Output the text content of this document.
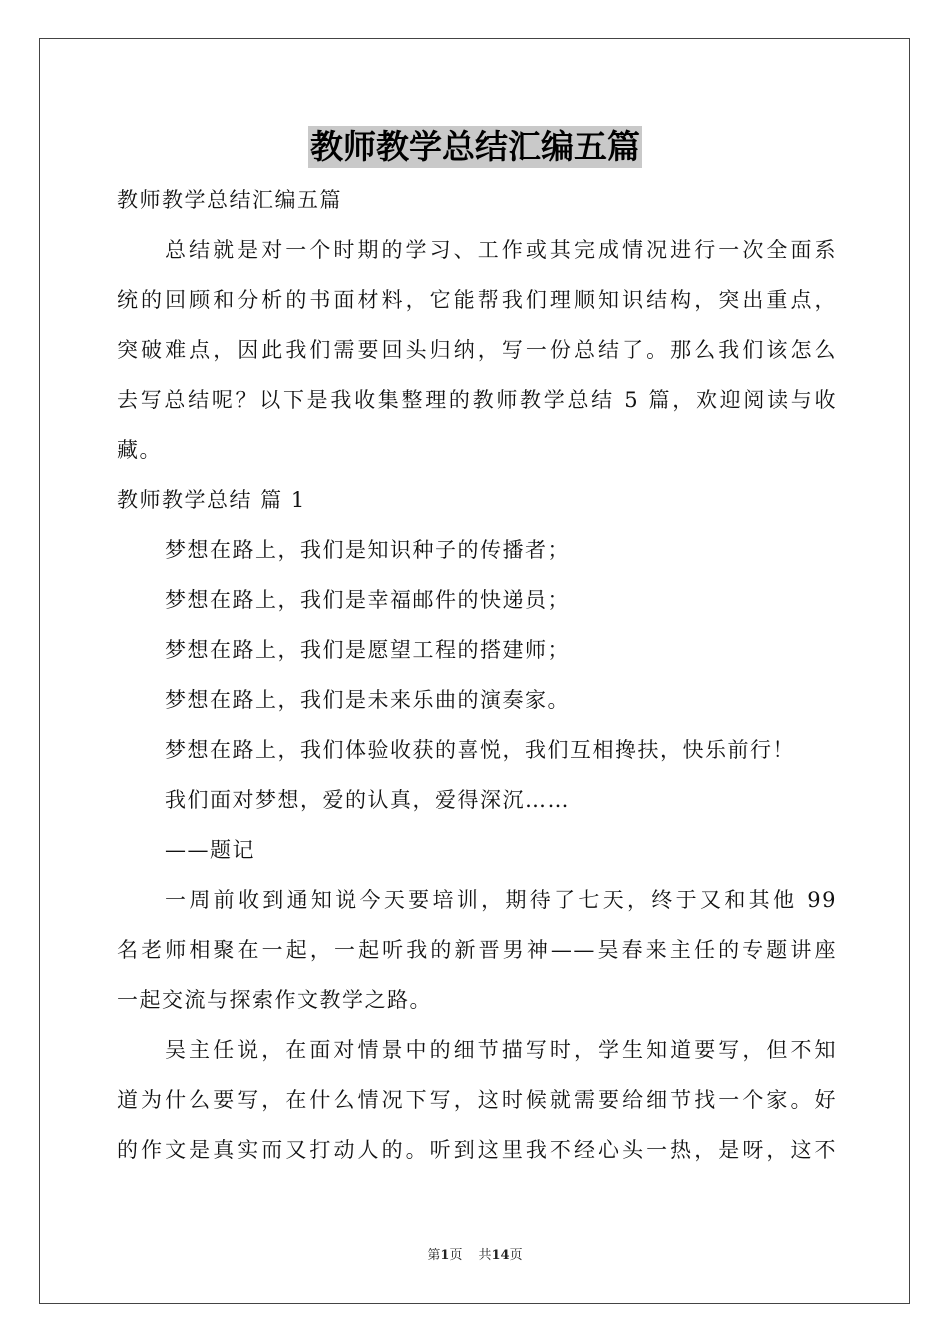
教师教学总结汇编五篇
教师教学总结汇编五篇
总结就是对一个时期的学习、工作或其完成情况进行一次全面系
统的回顾和分析的书面材料，它能帮我们理顺知识结构，突出重点，
突破难点，因此我们需要回头归纳，写一份总结了。那么我们该怎么
去写总结呢？以下是我收集整理的教师教学总结 5 篇，欢迎阅读与收
藏。
教师教学总结 篇 1
梦想在路上，我们是知识种子的传播者；
梦想在路上，我们是幸福邮件的快递员；
梦想在路上，我们是愿望工程的搭建师；
梦想在路上，我们是未来乐曲的演奏家。
梦想在路上，我们体验收获的喜悦，我们互相搀扶，快乐前行！
我们面对梦想，爱的认真，爱得深沉……
——题记
一周前收到通知说今天要培训，期待了七天，终于又和其他 99
名老师相聚在一起，一起听我的新晋男神——吴春来主任的专题讲座
一起交流与探索作文教学之路。
吴主任说，在面对情景中的细节描写时，学生知道要写，但不知
道为什么要写，在什么情况下写，这时候就需要给细节找一个家。好
的作文是真实而又打动人的。听到这里我不经心头一热，是呀，这不
第1页 共14页
